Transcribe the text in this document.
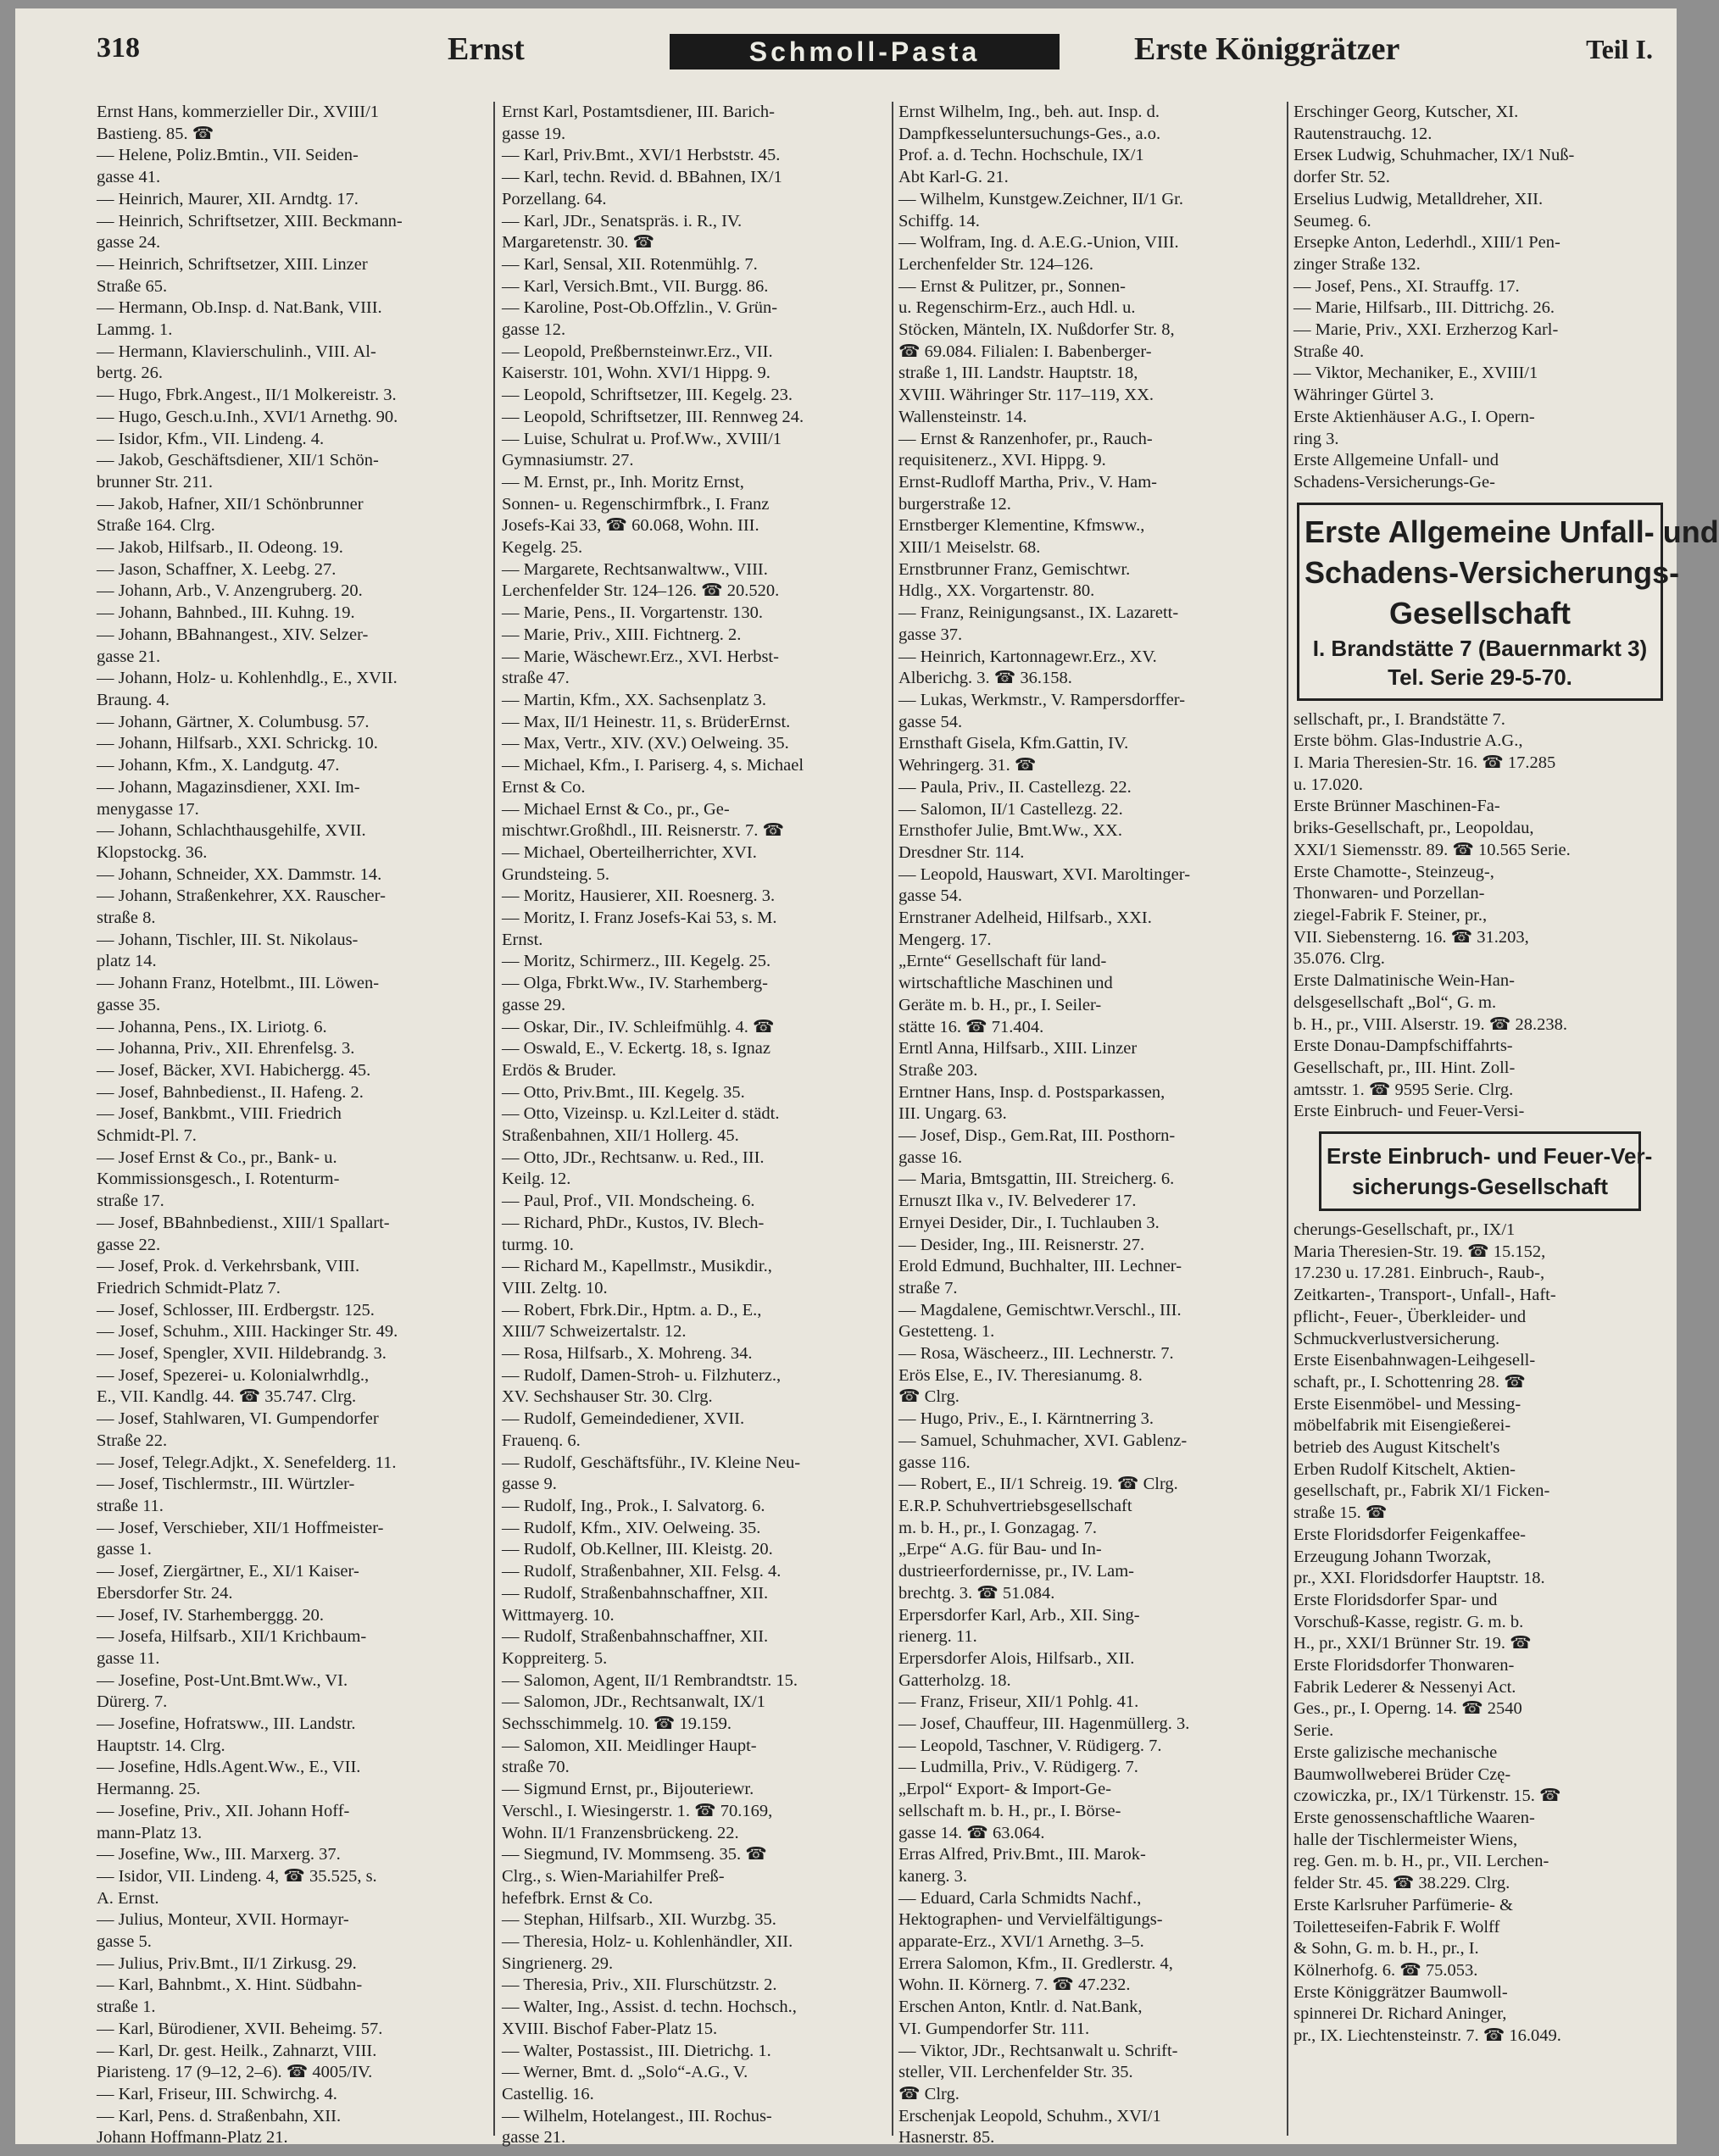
318	Ernst	Schmoll-Pasta	Erste Königgrätzer	Teil I.
Ernst Hans, kommerzieller Dir., XVIII/1
Bastieng. 85. ☎
— Helene, Poliz.Bmtin., VII. Seiden-
gasse 41.
— Heinrich, Maurer, XII. Arndtg. 17.
— Heinrich, Schriftsetzer, XIII. Beckmann-
gasse 24.
— Heinrich, Schriftsetzer, XIII. Linzer
Straße 65.
— Hermann, Ob.Insp. d. Nat.Bank, VIII.
Lammg. 1.
— Hermann, Klavierschulinh., VIII. Al-
bertg. 26.
— Hugo, Fbrk.Angest., II/1 Molkereistr. 3.
— Hugo, Gesch.u.Inh., XVI/1 Arnethg. 90.
— Isidor, Kfm., VII. Lindeng. 4.
— Jakob, Geschäftsdiener, XII/1 Schön-
brunner Str. 211.
— Jakob, Hafner, XII/1 Schönbrunner
Straße 164. Clrg.
— Jakob, Hilfsarb., II. Odeong. 19.
— Jason, Schaffner, X. Leebg. 27.
— Johann, Arb., V. Anzengruberg. 20.
— Johann, Bahnbed., III. Kuhng. 19.
— Johann, BBahnangest., XIV. Selzer-
gasse 21.
— Johann, Holz- u. Kohlenhdlg., E., XVII.
Braung. 4.
— Johann, Gärtner, X. Columbusg. 57.
— Johann, Hilfsarb., XXI. Schrickg. 10.
— Johann, Kfm., X. Landgutg. 47.
— Johann, Magazinsdiener, XXI. Im-
menygasse 17.
— Johann, Schlachthausgehilfe, XVII.
Klopstockg. 36.
— Johann, Schneider, XX. Dammstr. 14.
— Johann, Straßenkehrer, XX. Rauscher-
straße 8.
— Johann, Tischler, III. St. Nikolaus-
platz 14.
— Johann Franz, Hotelbmt., III. Löwen-
gasse 35.
— Johanna, Pens., IX. Liriotg. 6.
— Johanna, Priv., XII. Ehrenfelsg. 3.
— Josef, Bäcker, XVI. Habichergg. 45.
— Josef, Bahnbedienst., II. Hafeng. 2.
— Josef, Bankbmt., VIII. Friedrich
Schmidt-Pl. 7.
— Josef Ernst & Co., pr., Bank- u.
Kommissionsgesch., I. Rotenturm-
straße 17.
— Josef, BBahnbedienst., XIII/1 Spallart-
gasse 22.
— Josef, Prok. d. Verkehrsbank, VIII.
Friedrich Schmidt-Platz 7.
— Josef, Schlosser, III. Erdbergstr. 125.
— Josef, Schuhm., XIII. Hackinger Str. 49.
— Josef, Spengler, XVII. Hildebrandg. 3.
— Josef, Spezerei- u. Kolonialwrhdlg.,
E., VII. Kandlg. 44. ☎ 35.747. Clrg.
— Josef, Stahlwaren, VI. Gumpendorfer
Straße 22.
— Josef, Telegr.Adjkt., X. Senefelderg. 11.
— Josef, Tischlermstr., III. Würtzler-
straße 11.
— Josef, Verschieber, XII/1 Hoffmeister-
gasse 1.
— Josef, Ziergärtner, E., XI/1 Kaiser-
Ebersdorfer Str. 24.
— Josef, IV. Starhemberggg. 20.
— Josefa, Hilfsarb., XII/1 Krichbaum-
gasse 11.
— Josefine, Post-Unt.Bmt.Ww., VI.
Dürerg. 7.
— Josefine, Hofratsww., III. Landstr.
Hauptstr. 14. Clrg.
— Josefine, Hdls.Agent.Ww., E., VII.
Hermanng. 25.
— Josefine, Priv., XII. Johann Hoff-
mann-Platz 13.
— Josefine, Ww., III. Marxerg. 37.
— Isidor, VII. Lindeng. 4, ☎ 35.525, s.
A. Ernst.
— Julius, Monteur, XVII. Hormayr-
gasse 5.
— Julius, Priv.Bmt., II/1 Zirkusg. 29.
— Karl, Bahnbmt., X. Hint. Südbahn-
straße 1.
— Karl, Bürodiener, XVII. Beheimg. 57.
— Karl, Dr. gest. Heilk., Zahnarzt, VIII.
Piaristeng. 17 (9–12, 2–6). ☎ 4005/IV.
— Karl, Friseur, III. Schwirchg. 4.
— Karl, Pens. d. Straßenbahn, XII.
Johann Hoffmann-Platz 21.
Ernst Karl, Postamtsdiener, III. Barich-
gasse 19.
— Karl, Priv.Bmt., XVI/1 Herbststr. 45.
— Karl, techn. Revid. d. BBahnen, IX/1
Porzellang. 64.
— Karl, JDr., Senatspräs. i. R., IV.
Margaretenstr. 30. ☎
— Karl, Sensal, XII. Rotenmühlg. 7.
— Karl, Versich.Bmt., VII. Burgg. 86.
— Karoline, Post-Ob.Offzlin., V. Grün-
gasse 12.
— Leopold, Preßbernsteinwr.Erz., VII.
Kaiserstr. 101, Wohn. XVI/1 Hippg. 9.
— Leopold, Schriftsetzer, III. Kegelg. 23.
— Leopold, Schriftsetzer, III. Rennweg 24.
— Luise, Schulrat u. Prof.Ww., XVIII/1
Gymnasiumstr. 27.
— M. Ernst, pr., Inh. Moritz Ernst,
Sonnen- u. Regenschirmfbrk., I. Franz
Josefs-Kai 33, ☎ 60.068, Wohn. III.
Kegelg. 25.
— Margarete, Rechtsanwaltww., VIII.
Lerchenfelder Str. 124–126. ☎ 20.520.
— Marie, Pens., II. Vorgartenstr. 130.
— Marie, Priv., XIII. Fichtnerg. 2.
— Marie, Wäschewr.Erz., XVI. Herbst-
straße 47.
— Martin, Kfm., XX. Sachsenplatz 3.
— Max, II/1 Heinestr. 11, s. BrüderErnst.
— Max, Vertr., XIV. (XV.) Oelweing. 35.
— Michael, Kfm., I. Pariserg. 4, s. Michael
Ernst & Co.
— Michael Ernst & Co., pr., Ge-
mischtwr.Großhdl., III. Reisnerstr. 7. ☎
— Michael, Oberteilherrichter, XVI.
Grundsteing. 5.
— Moritz, Hausierer, XII. Roesnerg. 3.
— Moritz, I. Franz Josefs-Kai 53, s. M.
Ernst.
— Moritz, Schirmerz., III. Kegelg. 25.
— Olga, Fbrkt.Ww., IV. Starhemberg-
gasse 29.
— Oskar, Dir., IV. Schleifmühlg. 4. ☎
— Oswald, E., V. Eckertg. 18, s. Ignaz
Erdös & Bruder.
— Otto, Priv.Bmt., III. Kegelg. 35.
— Otto, Vizeinsp. u. Kzl.Leiter d. städt.
Straßenbahnen, XII/1 Hollerg. 45.
— Otto, JDr., Rechtsanw. u. Red., III.
Keilg. 12.
— Paul, Prof., VII. Mondscheing. 6.
— Richard, PhDr., Kustos, IV. Blech-
turmg. 10.
— Richard M., Kapellmstr., Musikdir.,
VIII. Zeltg. 10.
— Robert, Fbrk.Dir., Hptm. a. D., E.,
XIII/7 Schweizertalstr. 12.
— Rosa, Hilfsarb., X. Mohreng. 34.
— Rudolf, Damen-Stroh- u. Filzhuterz.,
XV. Sechshauser Str. 30. Clrg.
— Rudolf, Gemeindediener, XVII.
Frauenq. 6.
— Rudolf, Geschäftsführ., IV. Kleine Neu-
gasse 9.
— Rudolf, Ing., Prok., I. Salvatorg. 6.
— Rudolf, Kfm., XIV. Oelweing. 35.
— Rudolf, Ob.Kellner, III. Kleistg. 20.
— Rudolf, Straßenbahner, XII. Felsg. 4.
— Rudolf, Straßenbahnschaffner, XII.
Wittmayerg. 10.
— Rudolf, Straßenbahnschaffner, XII.
Koppreiterg. 5.
— Salomon, Agent, II/1 Rembrandtstr. 15.
— Salomon, JDr., Rechtsanwalt, IX/1
Sechsschimmelg. 10. ☎ 19.159.
— Salomon, XII. Meidlinger Haupt-
straße 70.
— Sigmund Ernst, pr., Bijouteriewr.
Verschl., I. Wiesingerstr. 1. ☎ 70.169,
Wohn. II/1 Franzensbrückeng. 22.
— Siegmund, IV. Mommseng. 35. ☎
Clrg., s. Wien-Mariahilfer Preß-
hefefbrk. Ernst & Co.
— Stephan, Hilfsarb., XII. Wurzbg. 35.
— Theresia, Holz- u. Kohlenhändler, XII.
Singrienerg. 29.
— Theresia, Priv., XII. Flurschützstr. 2.
— Walter, Ing., Assist. d. techn. Hochsch.,
XVIII. Bischof Faber-Platz 15.
— Walter, Postassist., III. Dietrichg. 1.
— Werner, Bmt. d. „Solo“-A.G., V.
Castellig. 16.
— Wilhelm, Hotelangest., III. Rochus-
gasse 21.
Ernst Wilhelm, Ing., beh. aut. Insp. d.
Dampfkesseluntersuchungs-Ges., a.o.
Prof. a. d. Techn. Hochschule, IX/1
Abt Karl-G. 21.
— Wilhelm, Kunstgew.Zeichner, II/1 Gr.
Schiffg. 14.
— Wolfram, Ing. d. A.E.G.-Union, VIII.
Lerchenfelder Str. 124–126.
— Ernst & Pulitzer, pr., Sonnen-
u. Regenschirm-Erz., auch Hdl. u.
Stöcken, Mänteln, IX. Nußdorfer Str. 8,
☎ 69.084. Filialen: I. Babenberger-
straße 1, III. Landstr. Hauptstr. 18,
XVIII. Währinger Str. 117–119, XX.
Wallensteinstr. 14.
— Ernst & Ranzenhofer, pr., Rauch-
requisitenerz., XVI. Hippg. 9.
Ernst-Rudloff Martha, Priv., V. Ham-
burgerstraße 12.
Ernstberger Klementine, Kfmsww.,
XIII/1 Meiselstr. 68.
Ernstbrunner Franz, Gemischtwr.
Hdlg., XX. Vorgartenstr. 80.
— Franz, Reinigungsanst., IX. Lazarett-
gasse 37.
— Heinrich, Kartonnagewr.Erz., XV.
Alberichg. 3. ☎ 36.158.
— Lukas, Werkmstr., V. Rampersdorffer-
gasse 54.
Ernsthaft Gisela, Kfm.Gattin, IV.
Wehringerg. 31. ☎
— Paula, Priv., II. Castellezg. 22.
— Salomon, II/1 Castellezg. 22.
Ernsthofer Julie, Bmt.Ww., XX.
Dresdner Str. 114.
— Leopold, Hauswart, XVI. Maroltinger-
gasse 54.
Ernstraner Adelheid, Hilfsarb., XXI.
Mengerg. 17.
„Ernte“ Gesellschaft für land-
wirtschaftliche Maschinen und
Geräte m. b. H., pr., I. Seiler-
stätte 16. ☎ 71.404.
Erntl Anna, Hilfsarb., XIII. Linzer
Straße 203.
Erntner Hans, Insp. d. Postsparkassen,
III. Ungarg. 63.
— Josef, Disp., Gem.Rat, III. Posthorn-
gasse 16.
— Maria, Bmtsgattin, III. Streicherg. 6.
Ernuszt Ilka v., IV. Belvederег 17.
Ernyei Desider, Dir., I. Tuchlauben 3.
— Desider, Ing., III. Reisnerstr. 27.
Erold Edmund, Buchhalter, III. Lechner-
straße 7.
— Magdalene, Gemischtwr.Verschl., III.
Gestetteng. 1.
— Rosa, Wäscheerz., III. Lechnerstr. 7.
Erös Else, E., IV. Theresianumg. 8.
☎ Clrg.
— Hugo, Priv., E., I. Kärntnerring 3.
— Samuel, Schuhmacher, XVI. Gablenz-
gasse 116.
— Robert, E., II/1 Schreig. 19. ☎ Clrg.
E.R.P. Schuhvertriebsgesellschaft
m. b. H., pr., I. Gonzagag. 7.
„Erpe“ A.G. für Bau- und In-
dustrieerfordernisse, pr., IV. Lam-
brechtg. 3. ☎ 51.084.
Erpersdorfer Karl, Arb., XII. Sing-
rienerg. 11.
Erpersdorfer Alois, Hilfsarb., XII.
Gatterholzg. 18.
— Franz, Friseur, XII/1 Pohlg. 41.
— Josef, Chauffeur, III. Hagenmüllerg. 3.
— Leopold, Taschner, V. Rüdigerg. 7.
— Ludmilla, Priv., V. Rüdigerg. 7.
„Erpol“ Export- & Import-Ge-
sellschaft m. b. H., pr., I. Börse-
gasse 14. ☎ 63.064.
Erras Alfred, Priv.Bmt., III. Marok-
kanerg. 3.
— Eduard, Carla Schmidts Nachf.,
Hektographen- und Vervielfältigungs-
apparate-Erz., XVI/1 Arnethg. 3–5.
Errera Salomon, Kfm., II. Gredlerstr. 4,
Wohn. II. Körnerg. 7. ☎ 47.232.
Erschen Anton, Kntlr. d. Nat.Bank,
VI. Gumpendorfer Str. 111.
— Viktor, JDr., Rechtsanwalt u. Schrift-
steller, VII. Lerchenfelder Str. 35.
☎ Clrg.
Erschenjak Leopold, Schuhm., XVI/1
Hasnerstr. 85.
Erschinger Georg, Kutscher, XI.
Rautenstrauchg. 12.
Erseк Ludwig, Schuhmacher, IX/1 Nuß-
dorfer Str. 52.
Erselius Ludwig, Metalldreher, XII.
Seumeg. 6.
Ersepke Anton, Lederhdl., XIII/1 Pen-
zinger Straße 132.
— Josef, Pens., XI. Strauffg. 17.
— Marie, Hilfsarb., III. Dittrichg. 26.
— Marie, Priv., XXI. Erzherzog Karl-
Straße 40.
— Viktor, Mechaniker, E., XVIII/1
Währinger Gürtel 3.
Erste Aktienhäuser A.G., I. Opern-
ring 3.
Erste Allgemeine Unfall- und
Schadens-Versicherungs-Ge-
Erste Allgemeine Unfall- und
Schadens-Versicherungs-
Gesellschaft
I. Brandstätte 7 (Bauernmarkt 3)
Tel. Serie 29-5-70.
sellschaft, pr., I. Brandstätte 7.
Erste böhm. Glas-Industrie A.G.,
I. Maria Theresien-Str. 16. ☎ 17.285
u. 17.020.
Erste Brünner Maschinen-Fa-
briks-Gesellschaft, pr., Leopoldau,
XXI/1 Siemensstr. 89. ☎ 10.565 Serie.
Erste Chamotte-, Steinzeug-,
Thonwaren- und Porzellan-
ziegel-Fabrik F. Steiner, pr.,
VII. Siebensterng. 16. ☎ 31.203,
35.076. Clrg.
Erste Dalmatinische Wein-Han-
delsgesellschaft „Bol“, G. m.
b. H., pr., VIII. Alserstr. 19. ☎ 28.238.
Erste Donau-Dampfschiffahrts-
Gesellschaft, pr., III. Hint. Zoll-
amtsstr. 1. ☎ 9595 Serie. Clrg.
Erste Einbruch- und Feuer-Versi-
Erste Einbruch- und Feuer-Ver-
sicherungs-Gesellschaft
cherungs-Gesellschaft, pr., IX/1
Maria Theresien-Str. 19. ☎ 15.152,
17.230 u. 17.281. Einbruch-, Raub-,
Zeitkarten-, Transport-, Unfall-, Haft-
pflicht-, Feuer-, Überkleider- und
Schmuckverlustversicherung.
Erste Eisenbahnwagen-Leihgesell-
schaft, pr., I. Schottenring 28. ☎
Erste Eisenmöbel- und Messing-
möbelfabrik mit Eisengießerei-
betrieb des August Kitschelt's
Erben Rudolf Kitschelt, Aktien-
gesellschaft, pr., Fabrik XI/1 Ficken-
straße 15. ☎
Erste Floridsdorfer Feigenkaffee-
Erzeugung Johann Tworzak,
pr., XXI. Floridsdorfer Hauptstr. 18.
Erste Floridsdorfer Spar- und
Vorschuß-Kasse, registr. G. m. b.
H., pr., XXI/1 Brünner Str. 19. ☎
Erste Floridsdorfer Thonwaren-
Fabrik Lederer & Nessenyi Act.
Ges., pr., I. Operng. 14. ☎ 2540
Serie.
Erste galizische mechanische
Baumwollweberei Brüder Czę-
czowiczka, pr., IX/1 Türkenstr. 15. ☎
Erste genossenschaftliche Waaren-
halle der Tischlermeister Wiens,
reg. Gen. m. b. H., pr., VII. Lerchen-
felder Str. 45. ☎ 38.229. Clrg.
Erste Karlsruher Parfümerie- &
Toiletteseifen-Fabrik F. Wolff
& Sohn, G. m. b. H., pr., I.
Kölnerhofg. 6. ☎ 75.053.
Erste Königgrätzer Baumwoll-
spinnerei Dr. Richard Aninger,
pr., IX. Liechtensteinstr. 7. ☎ 16.049.
